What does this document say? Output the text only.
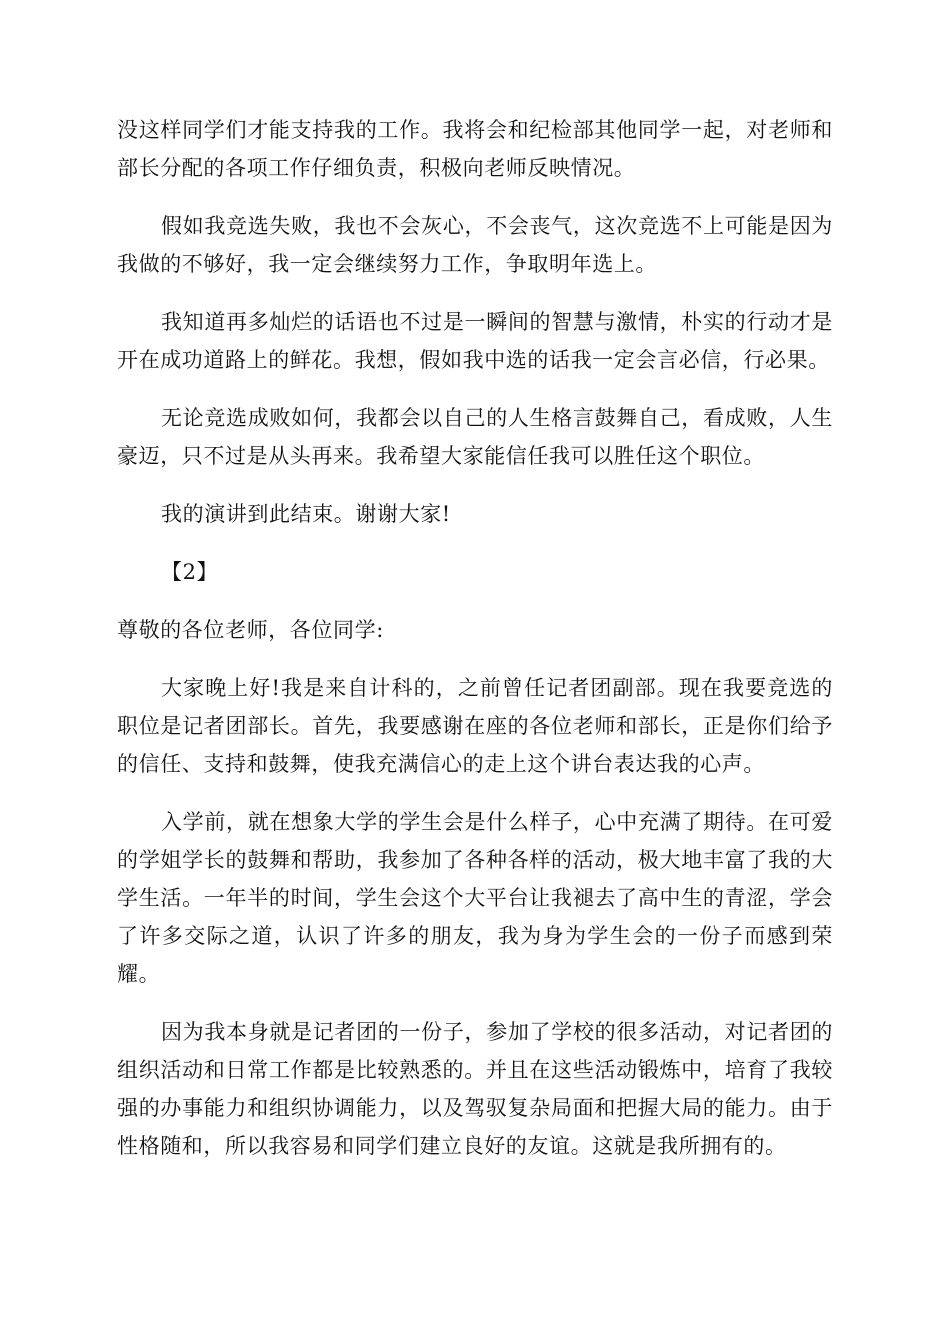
没这样同学们才能支持我的工作。我将会和纪检部其他同学一起，对老师和部长分配的各项工作仔细负责，积极向老师反映情况。

假如我竞选失败，我也不会灰心，不会丧气，这次竞选不上可能是因为我做的不够好，我一定会继续努力工作，争取明年选上。

我知道再多灿烂的话语也不过是一瞬间的智慧与激情，朴实的行动才是开在成功道路上的鲜花。我想，假如我中选的话我一定会言必信，行必果。

无论竞选成败如何，我都会以自己的人生格言鼓舞自己，看成败，人生豪迈，只不过是从头再来。我希望大家能信任我可以胜任这个职位。

我的演讲到此结束。谢谢大家!

【2】

尊敬的各位老师，各位同学:

大家晚上好!我是来自计科的，之前曾任记者团副部。现在我要竞选的职位是记者团部长。首先，我要感谢在座的各位老师和部长，正是你们给予的信任、支持和鼓舞，使我充满信心的走上这个讲台表达我的心声。

入学前，就在想象大学的学生会是什么样子，心中充满了期待。在可爱的学姐学长的鼓舞和帮助，我参加了各种各样的活动，极大地丰富了我的大学生活。一年半的时间，学生会这个大平台让我褪去了高中生的青涩，学会了许多交际之道，认识了许多的朋友，我为身为学生会的一份子而感到荣耀。

因为我本身就是记者团的一份子，参加了学校的很多活动，对记者团的组织活动和日常工作都是比较熟悉的。并且在这些活动锻炼中，培育了我较强的办事能力和组织协调能力，以及驾驭复杂局面和把握大局的能力。由于性格随和，所以我容易和同学们建立良好的友谊。这就是我所拥有的。
